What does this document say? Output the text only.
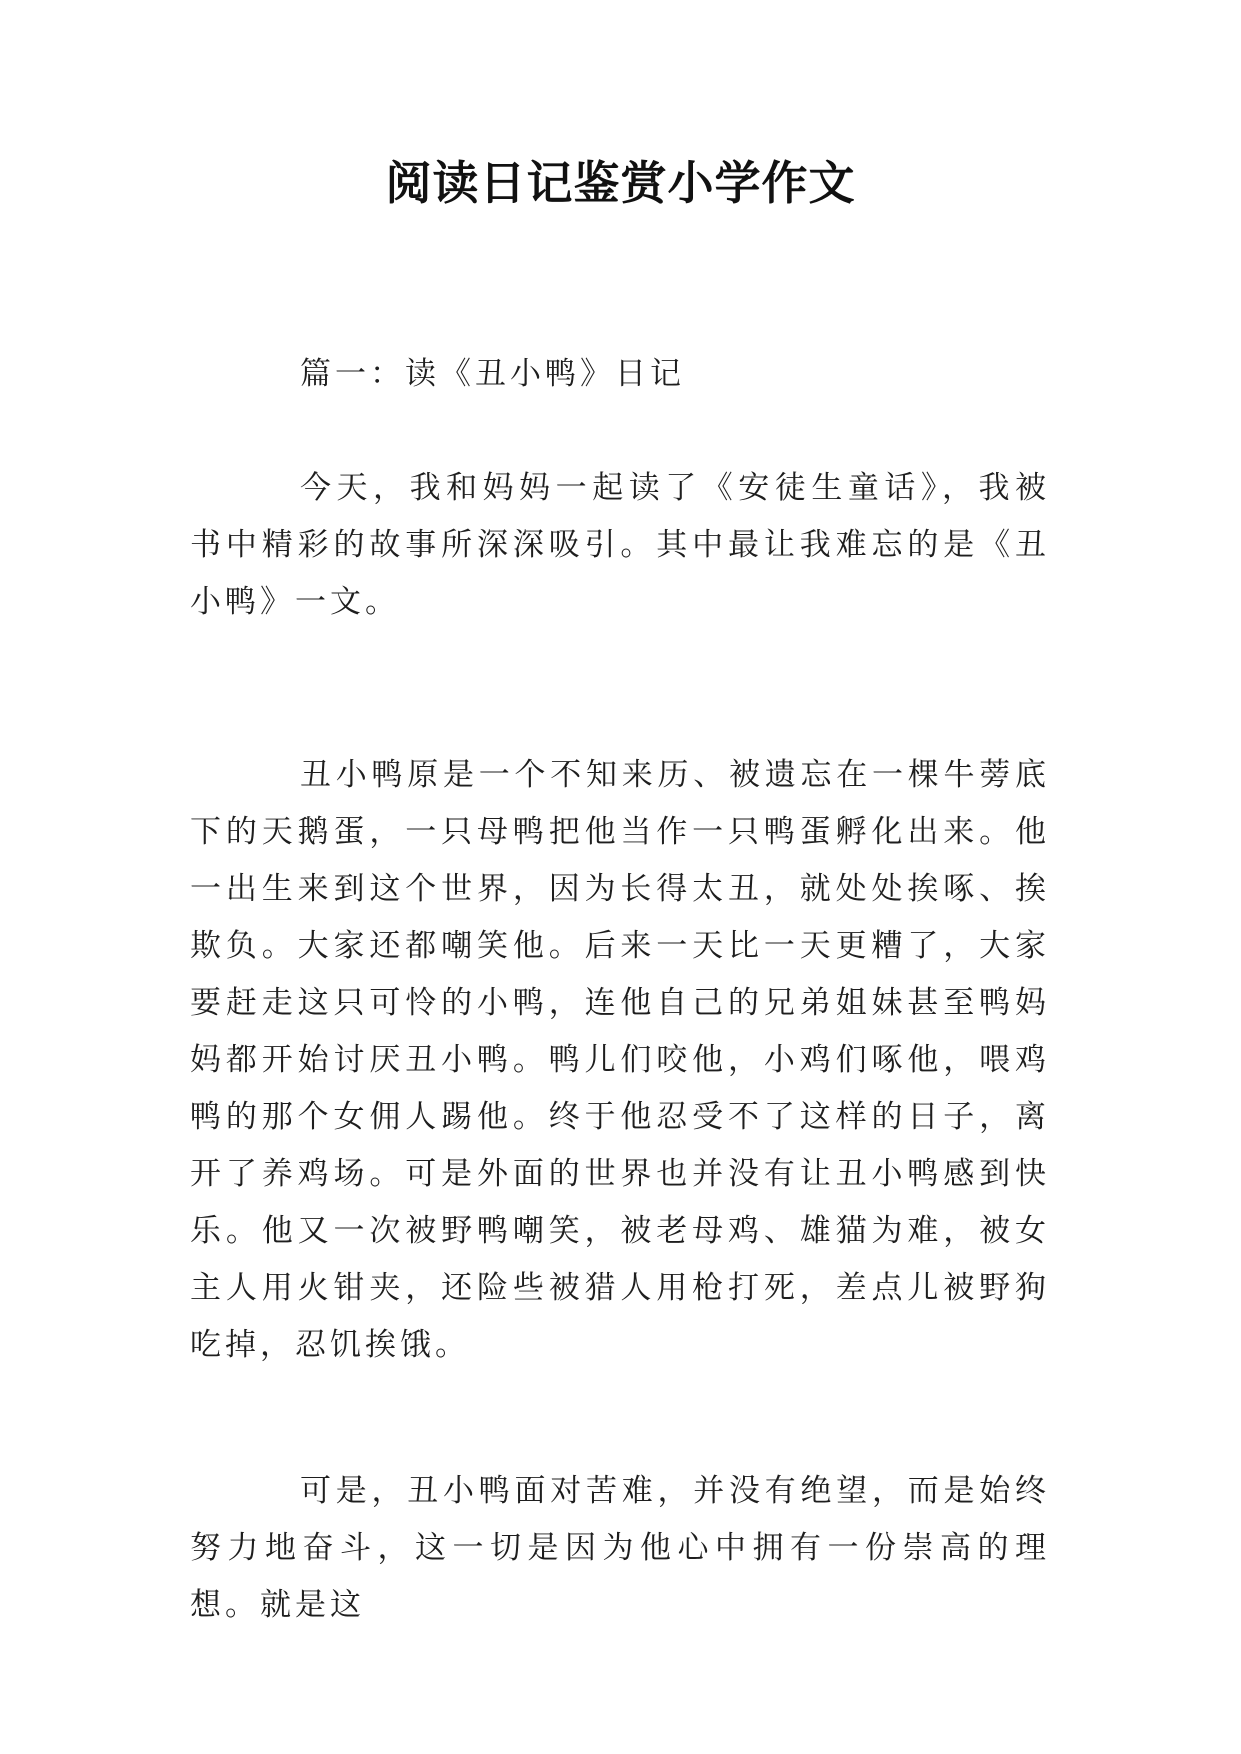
阅读日记鉴赏小学作文

篇一：读《丑小鸭》日记

今天，我和妈妈一起读了《安徒生童话》，我被书中精彩的故事所深深吸引。其中最让我难忘的是《丑小鸭》一文。

丑小鸭原是一个不知来历、被遗忘在一棵牛蒡底下的天鹅蛋，一只母鸭把他当作一只鸭蛋孵化出来。他一出生来到这个世界，因为长得太丑，就处处挨啄、挨欺负。大家还都嘲笑他。后来一天比一天更糟了，大家要赶走这只可怜的小鸭，连他自己的兄弟姐妹甚至鸭妈妈都开始讨厌丑小鸭。鸭儿们咬他，小鸡们啄他，喂鸡鸭的那个女佣人踢他。终于他忍受不了这样的日子，离开了养鸡场。可是外面的世界也并没有让丑小鸭感到快乐。他又一次被野鸭嘲笑，被老母鸡、雄猫为难，被女主人用火钳夹，还险些被猎人用枪打死，差点儿被野狗吃掉，忍饥挨饿。

可是，丑小鸭面对苦难，并没有绝望，而是始终努力地奋斗，这一切是因为他心中拥有一份崇高的理想。就是这
